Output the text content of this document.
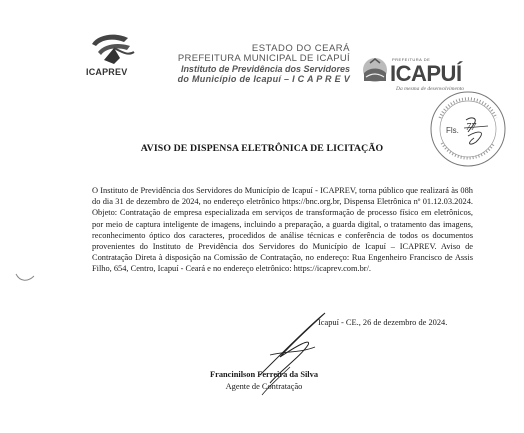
ICAPREV
ESTADO DO CEARÁ
PREFEITURA MUNICIPAL DE ICAPUÍ
Instituto de Previdência dos Servidores
do Município de Icapuí – I C A P R E V
PREFEITURA DE
ICAPUÍ
Da mesma de desenvolvimento
77
Fls.
AVISO DE DISPENSA ELETRÔNICA DE LICITAÇÃO
O Instituto de Previdência dos Servidores do Município de Icapuí - ICAPREV, torna público que realizará às 08h do dia 31 de dezembro de 2024, no endereço eletrônico https://bnc.org.br, Dispensa Eletrônica nº 01.12.03.2024. Objeto: Contratação de empresa especializada em serviços de transformação de processo físico em eletrônicos, por meio de captura inteligente de imagens, incluindo a preparação, a guarda digital, o tratamento das imagens, reconhecimento óptico dos caracteres, procedidos de análise técnicas e conferência de todos os documentos provenientes do Instituto de Previdência dos Servidores do Município de Icapuí – ICAPREV. Aviso de Contratação Direta à disposição na Comissão de Contratação, no endereço: Rua Engenheiro Francisco de Assis Filho, 654, Centro, Icapuí - Ceará e no endereço eletrônico: https://icaprev.com.br/.
Icapuí - CE., 26 de dezembro de 2024.
Francinilson Ferreira da Silva
Agente de Contratação
